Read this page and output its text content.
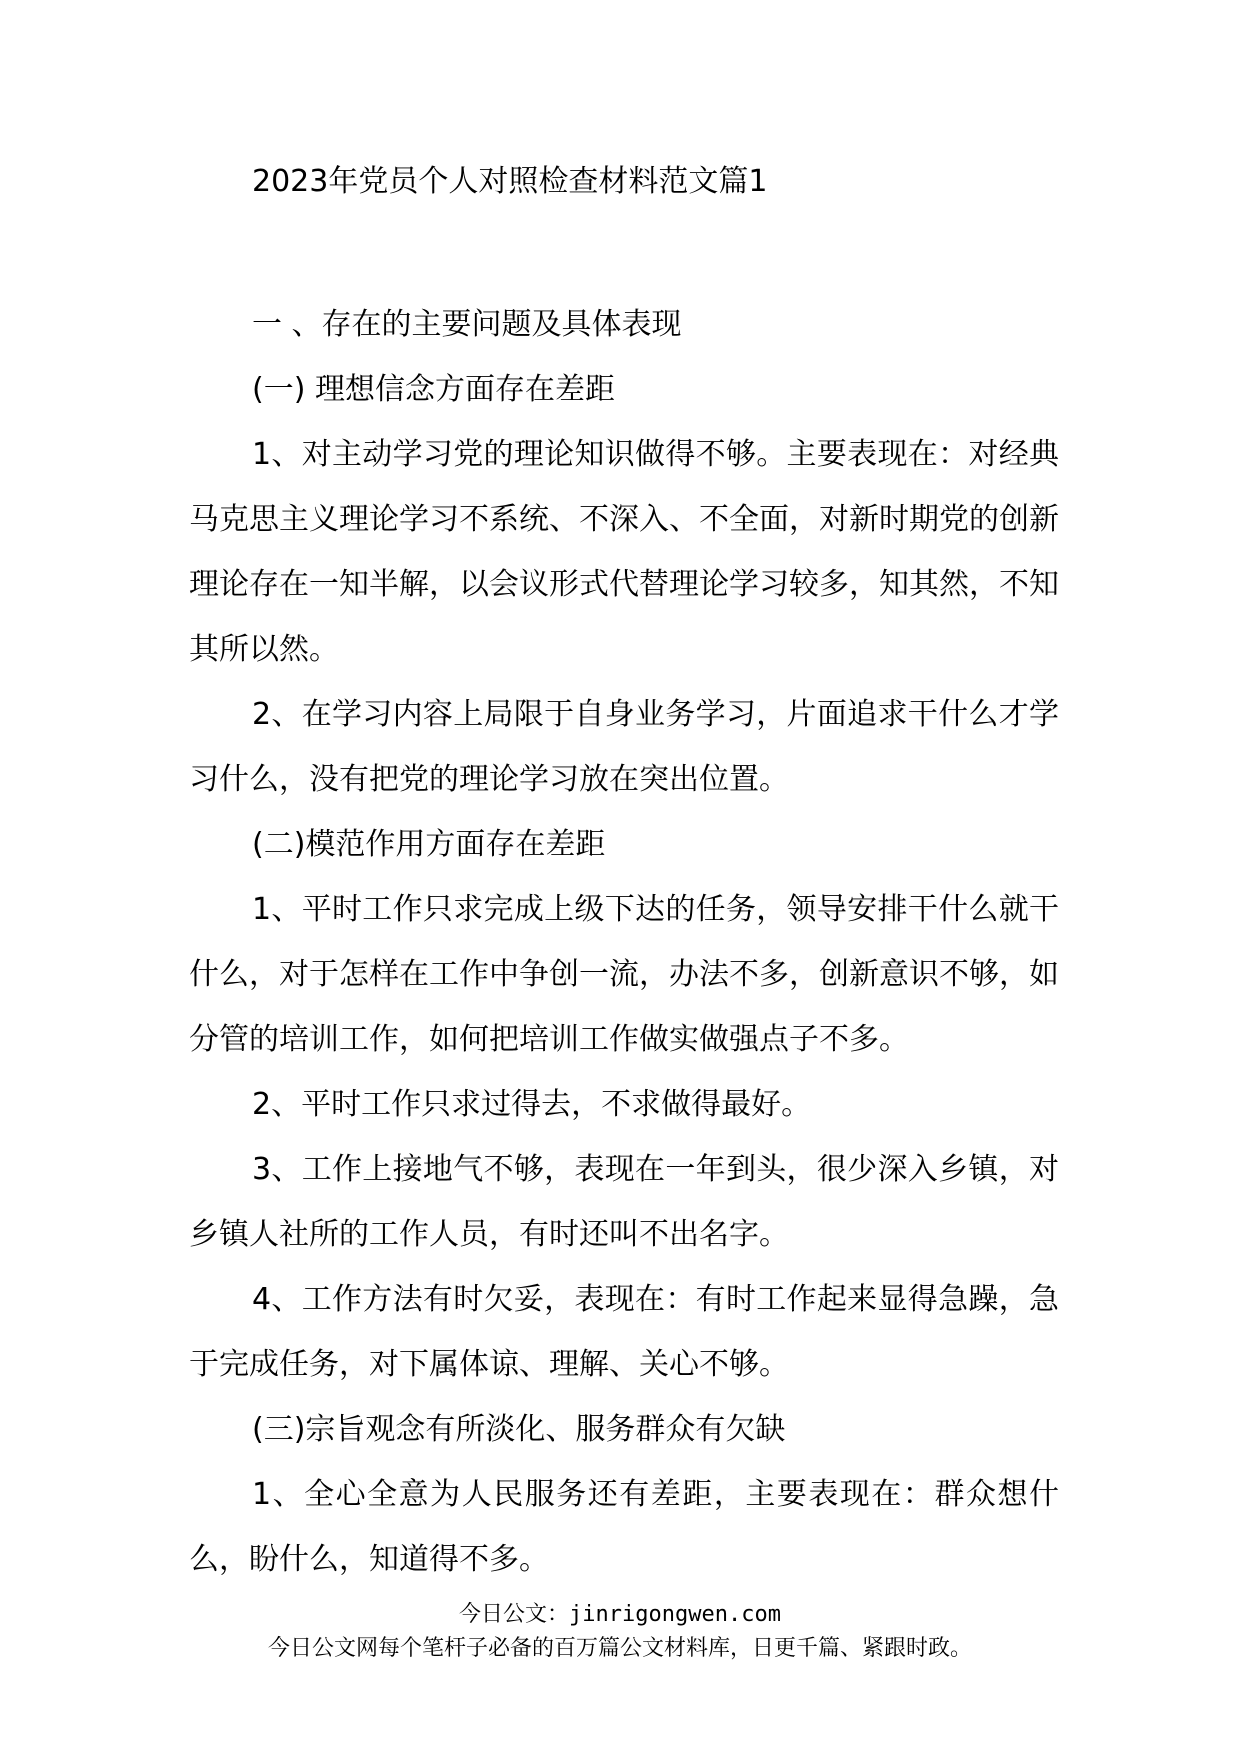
2023年党员个人对照检查材料范文篇1

一 、存在的主要问题及具体表现

(一) 理想信念方面存在差距

1、对主动学习党的理论知识做得不够。主要表现在：对经典马克思主义理论学习不系统、不深入、不全面，对新时期党的创新理论存在一知半解，以会议形式代替理论学习较多，知其然，不知其所以然。

2、在学习内容上局限于自身业务学习，片面追求干什么才学习什么，没有把党的理论学习放在突出位置。

(二)模范作用方面存在差距

1、平时工作只求完成上级下达的任务，领导安排干什么就干什么，对于怎样在工作中争创一流，办法不多，创新意识不够，如分管的培训工作，如何把培训工作做实做强点子不多。

2、平时工作只求过得去，不求做得最好。

3、工作上接地气不够，表现在一年到头，很少深入乡镇，对乡镇人社所的工作人员，有时还叫不出名字。

4、工作方法有时欠妥，表现在：有时工作起来显得急躁，急于完成任务，对下属体谅、理解、关心不够。

(三)宗旨观念有所淡化、服务群众有欠缺

1、全心全意为人民服务还有差距，主要表现在：群众想什么，盼什么，知道得不多。

今日公文：jinrigongwen.com
今日公文网每个笔杆子必备的百万篇公文材料库，日更千篇、紧跟时政。
